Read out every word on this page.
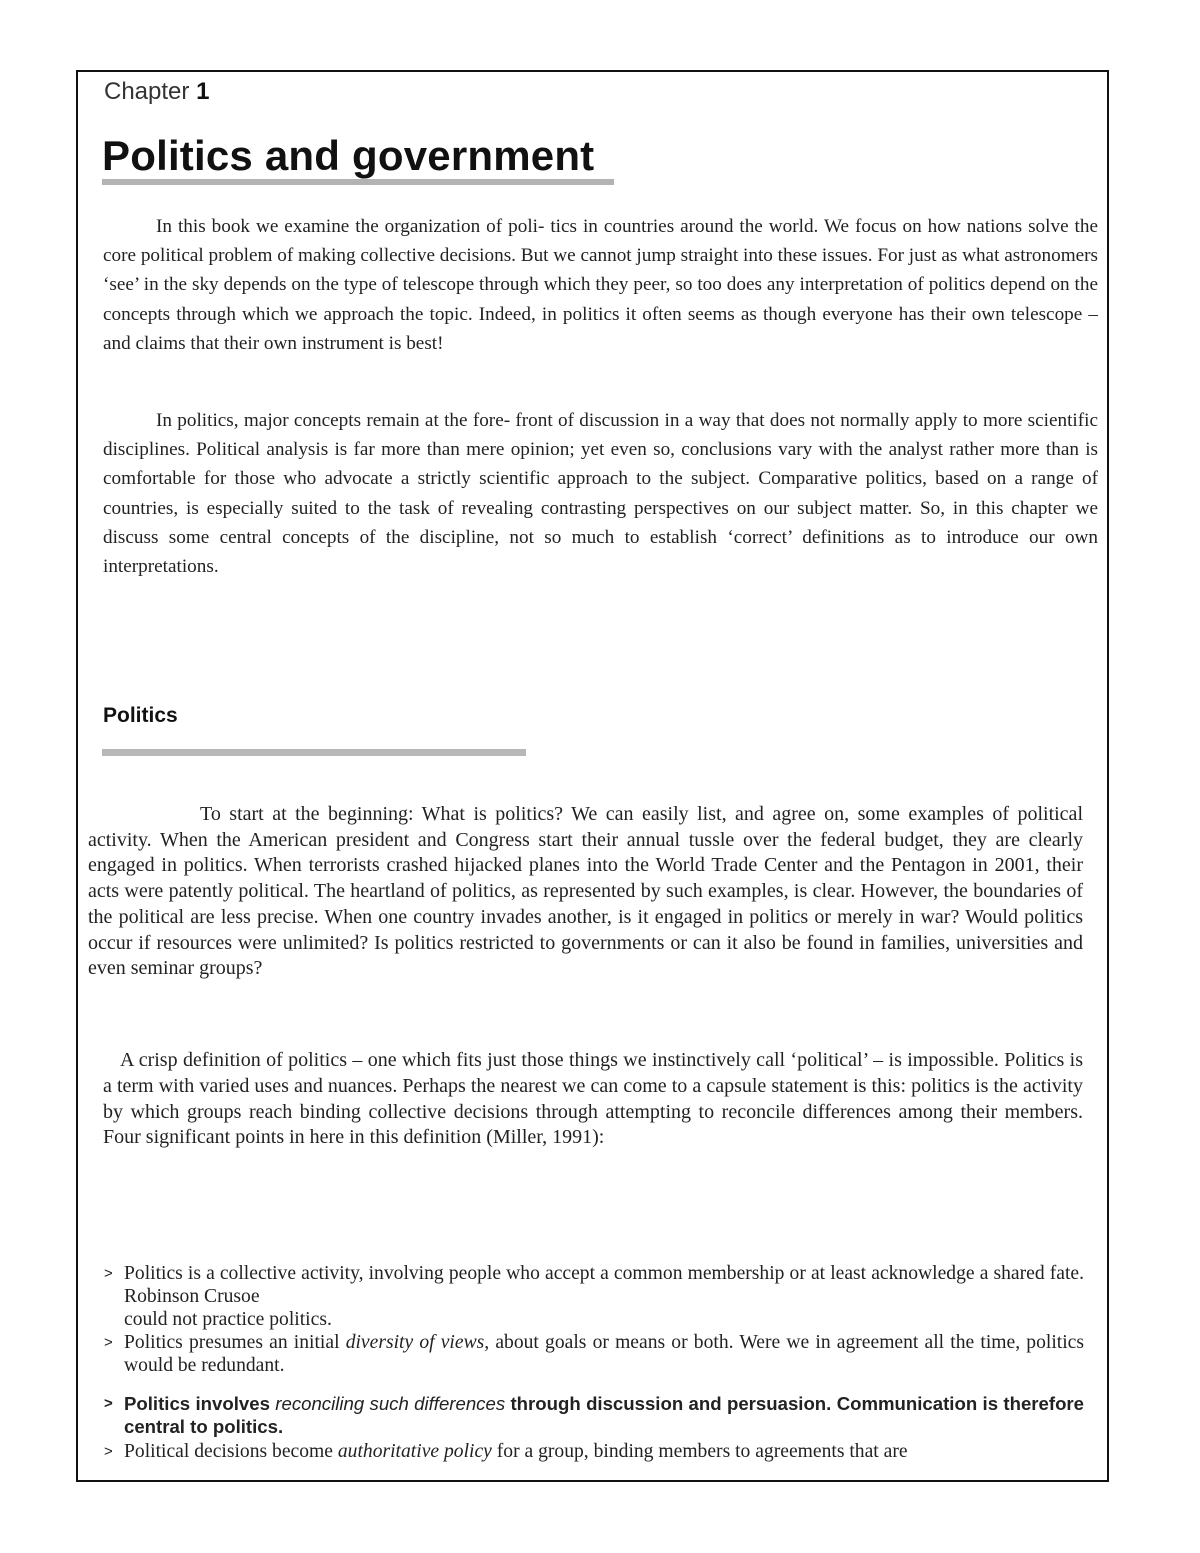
Chapter 1
Politics and government
In this book we examine the organization of poli- tics in countries around the world. We focus on how nations solve the core political problem of making collective decisions. But we cannot jump straight into these issues. For just as what astronomers ‘see’ in the sky depends on the type of telescope through which they peer, so too does any interpretation of politics depend on the concepts through which we approach the topic. Indeed, in politics it often seems as though everyone has their own telescope – and claims that their own instrument is best!
In politics, major concepts remain at the fore- front of discussion in a way that does not normally apply to more scientific disciplines. Political analysis is far more than mere opinion; yet even so, conclusions vary with the analyst rather more than is comfortable for those who advocate a strictly scientific approach to the subject. Comparative politics, based on a range of countries, is especially suited to the task of revealing contrasting perspectives on our subject matter. So, in this chapter we discuss some central concepts of the discipline, not so much to establish ‘correct’ definitions as to introduce our own interpretations.
Politics
To start at the beginning: What is politics? We can easily list, and agree on, some examples of political activity. When the American president and Congress start their annual tussle over the federal budget, they are clearly engaged in politics. When terrorists crashed hijacked planes into the World Trade Center and the Pentagon in 2001, their acts were patently political. The heartland of politics, as represented by such examples, is clear. However, the boundaries of the political are less precise. When one country invades another, is it engaged in politics or merely in war? Would politics occur if resources were unlimited? Is politics restricted to governments or can it also be found in families, universities and even seminar groups?
A crisp definition of politics – one which fits just those things we instinctively call ‘political’ – is impossible. Politics is a term with varied uses and nuances. Perhaps the nearest we can come to a capsule statement is this: politics is the activity by which groups reach binding collective decisions through attempting to reconcile differences among their members. Four significant points in here in this definition (Miller, 1991):
> Politics is a collective activity, involving people who accept a common membership or at least acknowledge a shared fate. Robinson Crusoe
could not practice politics.
> Politics presumes an initial diversity of views, about goals or means or both. Were we in agreement all the time, politics would be redundant.
> Politics involves reconciling such differences through discussion and persuasion. Communication is therefore central to politics.
> Political decisions become authoritative policy for a group, binding members to agreements that are
